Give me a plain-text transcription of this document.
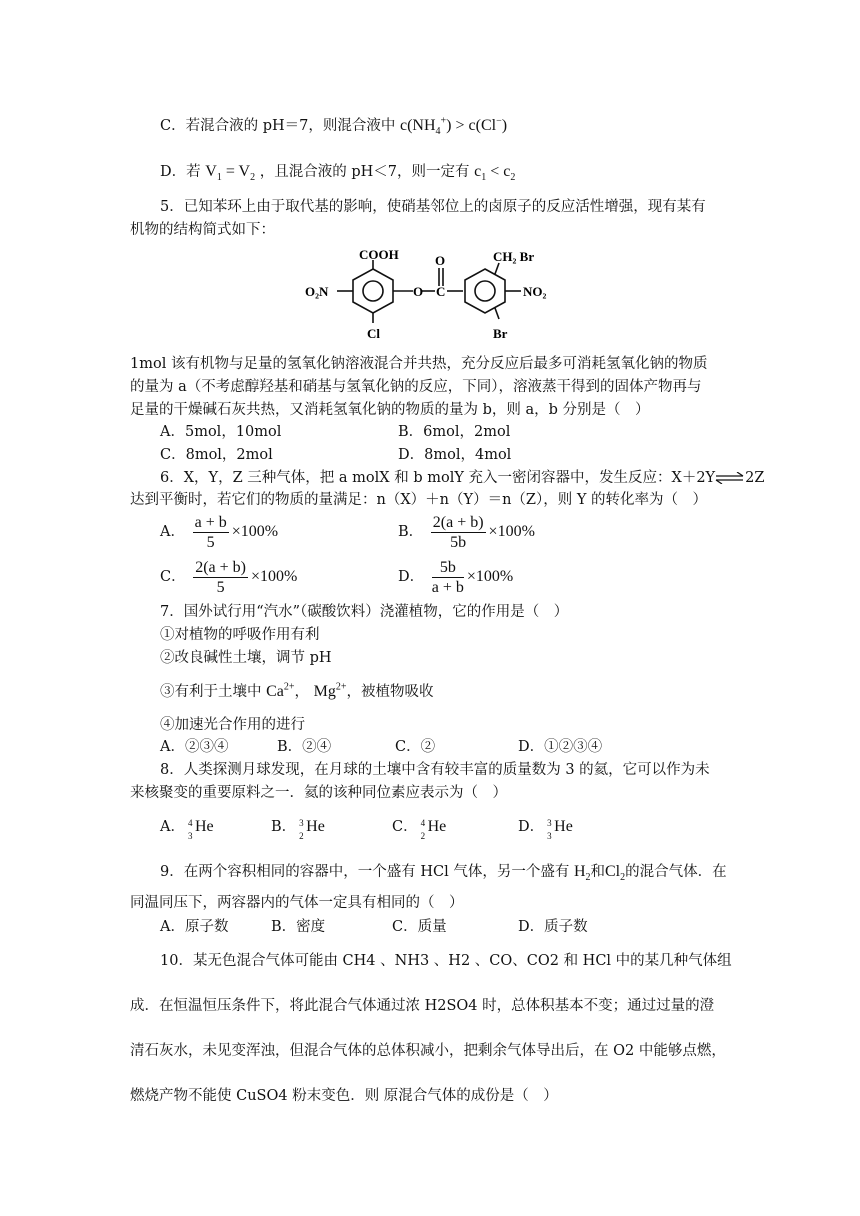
C．若混合液的 pH＝7，则混合液中 $c(NH_4^+) > c(Cl^-)$
D．若 $V_1 = V_2$ ，且混合液的 pH＜7，则一定有 $c_1 < c_2$
5．已知苯环上由于取代基的影响，使硝基邻位上的卤原子的反应活性增强，现有某有
机物的结构简式如下：
COOH
O₂N
Cl
O
O
C
CH₂ Br
NO₂
Br
1mol 该有机物与足量的氢氧化钠溶液混合并共热，充分反应后最多可消耗氢氧化钠的物质
的量为 a（不考虑醇羟基和硝基与氢氧化钠的反应，下同），溶液蒸干得到的固体产物再与
足量的干燥碱石灰共热，又消耗氢氧化钠的物质的量为 b，则 a，b 分别是（　）
A．5mol，10mol	B．6mol，2mol
C．8mol，2mol	D．8mol，4mol
6．X，Y，Z 三种气体，把 a molX 和 b molY 充入一密闭容器中，发生反应：X＋2Y⇌2Z
达到平衡时，若它们的物质的量满足：n（X）＋n（Y）＝n（Z），则 Y 的转化率为（　）
A． $\frac{a + b}{5} \times 100\%$	B． $\frac{2(a + b)}{5b} \times 100\%$
C． $\frac{2(a + b)}{5} \times 100\%$	D． $\frac{5b}{a + b} \times 100\%$
7．国外试行用“汽水”（碳酸饮料）浇灌植物，它的作用是（　）
①对植物的呼吸作用有利
②改良碱性土壤，调节 pH
③有利于土壤中 $Ca^{2+}$， $Mg^{2+}$，被植物吸收
④加速光合作用的进行
A．②③④	B．②④	C．②	D．①②③④
8．人类探测月球发现，在月球的土壤中含有较丰富的质量数为 3 的氦，它可以作为未
来核聚变的重要原料之一．氦的该种同位素应表示为（　）
A． 4
3
He	B． 3
2
He	C． 4
2
He	D． 3
3
He
9．在两个容积相同的容器中，一个盛有 HCl 气体，另一个盛有 $H_2$和$Cl_2$的混合气体．在
同温同压下，两容器内的气体一定具有相同的（　）
A．原子数	B．密度	C．质量	D．质子数
10．某无色混合气体可能由 CH4 、NH3 、H2 、CO、CO2 和 HCl 中的某几种气体组
成．在恒温恒压条件下，将此混合气体通过浓 H2SO4 时，总体积基本不变；通过过量的澄
清石灰水，未见变浑浊，但混合气体的总体积减小，把剩余气体导出后，在 O2 中能够点燃，
燃烧产物不能使 CuSO4 粉末变色．则 原混合气体的成份是（　）
